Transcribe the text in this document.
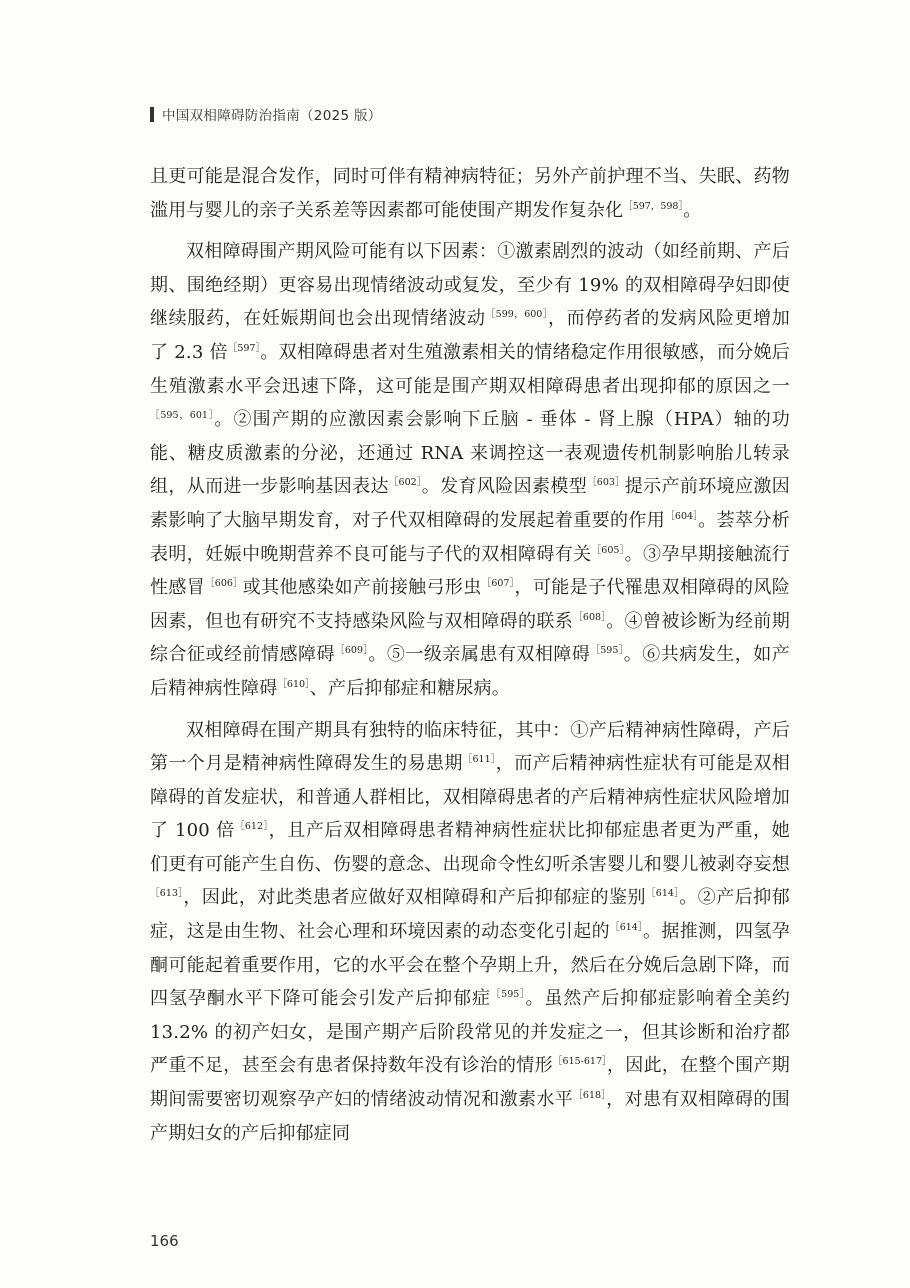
中国双相障碍防治指南（2025 版）

且更可能是混合发作，同时可伴有精神病特征；另外产前护理不当、失眠、药物滥用与婴儿的亲子关系差等因素都可能使围产期发作复杂化$^{[597,598]}$。

双相障碍围产期风险可能有以下因素：①激素剧烈的波动（如经前期、产后期、围绝经期）更容易出现情绪波动或复发，至少有 19% 的双相障碍孕妇即使继续服药，在妊娠期间也会出现情绪波动$^{[599,600]}$，而停药者的发病风险更增加了 2.3 倍$^{[597]}$。双相障碍患者对生殖激素相关的情绪稳定作用很敏感，而分娩后生殖激素水平会迅速下降，这可能是围产期双相障碍患者出现抑郁的原因之一$^{[595,601]}$。②围产期的应激因素会影响下丘脑 - 垂体 - 肾上腺（HPA）轴的功能、糖皮质激素的分泌，还通过 RNA 来调控这一表观遗传机制影响胎儿转录组，从而进一步影响基因表达$^{[602]}$。发育风险因素模型$^{[603]}$提示产前环境应激因素影响了大脑早期发育，对子代双相障碍的发展起着重要的作用$^{[604]}$。荟萃分析表明，妊娠中晚期营养不良可能与子代的双相障碍有关$^{[605]}$。③孕早期接触流行性感冒$^{[606]}$或其他感染如产前接触弓形虫$^{[607]}$，可能是子代罹患双相障碍的风险因素，但也有研究不支持感染风险与双相障碍的联系$^{[608]}$。④曾被诊断为经前期综合征或经前情感障碍$^{[609]}$。⑤一级亲属患有双相障碍$^{[595]}$。⑥共病发生，如产后精神病性障碍$^{[610]}$、产后抑郁症和糖尿病。

双相障碍在围产期具有独特的临床特征，其中：①产后精神病性障碍，产后第一个月是精神病性障碍发生的易患期$^{[611]}$，而产后精神病性症状有可能是双相障碍的首发症状，和普通人群相比，双相障碍患者的产后精神病性症状风险增加了 100 倍$^{[612]}$，且产后双相障碍患者精神病性症状比抑郁症患者更为严重，她们更有可能产生自伤、伤婴的意念、出现命令性幻听杀害婴儿和婴儿被剥夺妄想$^{[613]}$，因此，对此类患者应做好双相障碍和产后抑郁症的鉴别$^{[614]}$。②产后抑郁症，这是由生物、社会心理和环境因素的动态变化引起的$^{[614]}$。据推测，四氢孕酮可能起着重要作用，它的水平会在整个孕期上升，然后在分娩后急剧下降，而四氢孕酮水平下降可能会引发产后抑郁症$^{[595]}$。虽然产后抑郁症影响着全美约 13.2% 的初产妇女，是围产期产后阶段常见的并发症之一，但其诊断和治疗都严重不足，甚至会有患者保持数年没有诊治的情形$^{[615-617]}$，因此，在整个围产期期间需要密切观察孕产妇的情绪波动情况和激素水平$^{[618]}$，对患有双相障碍的围产期妇女的产后抑郁症同

166
